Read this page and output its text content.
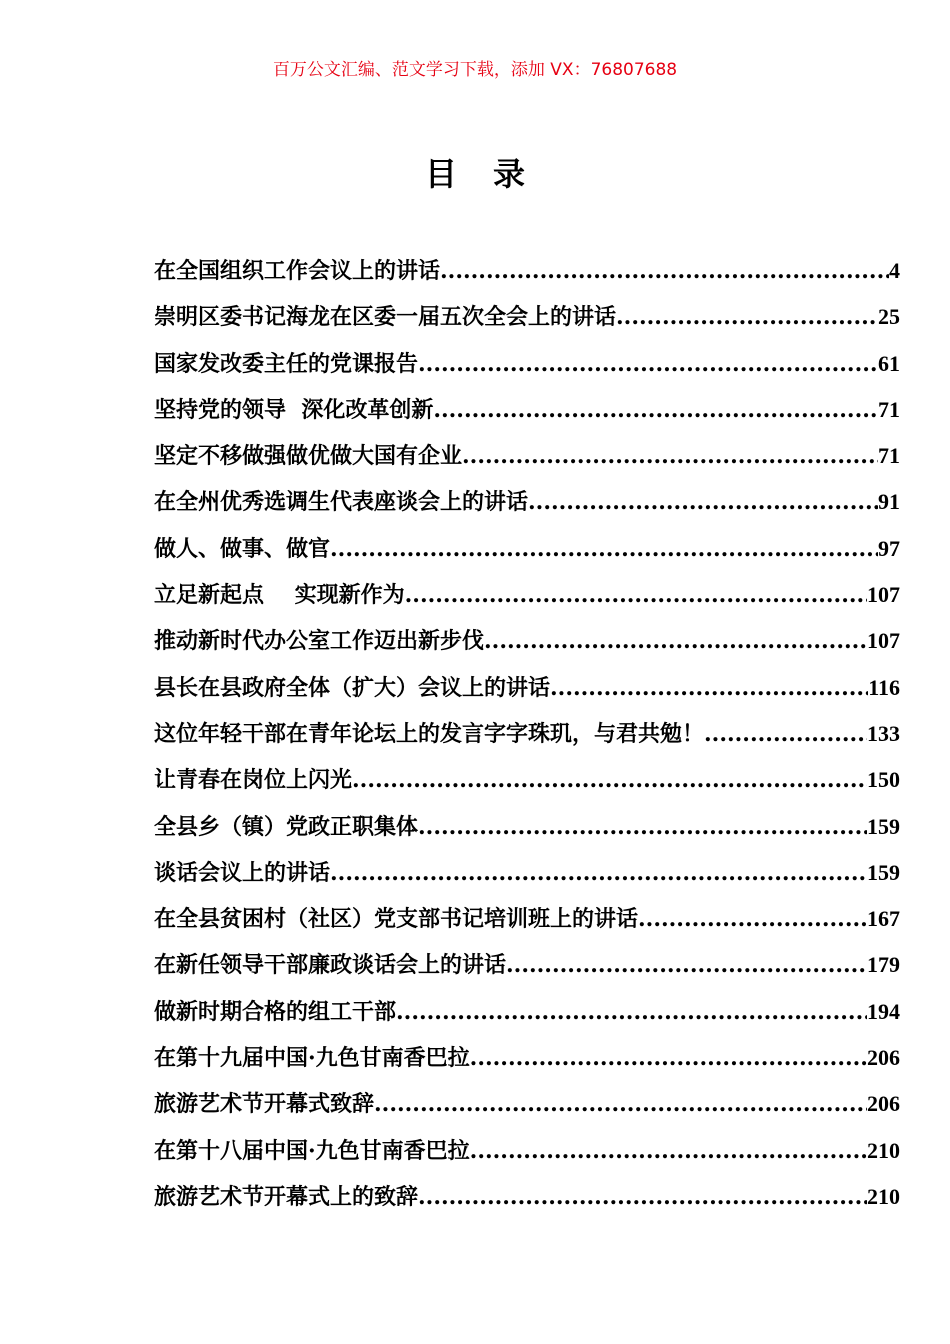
百万公文汇编、范文学习下载，添加 VX：76807688
目录
在全国组织工作会议上的讲话 .....	4
崇明区委书记海龙在区委一届五次全会上的讲话 .....	25
国家发改委主任的党课报告 .....	61
坚持党的领导  深化改革创新 .....	71
坚定不移做强做优做大国有企业 .....	71
在全州优秀选调生代表座谈会上的讲话 .....	91
做人、做事、做官 .....	97
立足新起点    实现新作为 .....	107
推动新时代办公室工作迈出新步伐 .....	107
县长在县政府全体（扩大）会议上的讲话 .....	116
这位年轻干部在青年论坛上的发言字字珠玑，与君共勉！ .....	133
让青春在岗位上闪光 .....	150
全县乡（镇）党政正职集体 .....	159
谈话会议上的讲话 .....	159
在全县贫困村（社区）党支部书记培训班上的讲话 .....	167
在新任领导干部廉政谈话会上的讲话 .....	179
做新时期合格的组工干部 .....	194
在第十九届中国·九色甘南香巴拉 .....	206
旅游艺术节开幕式致辞 .....	206
在第十八届中国·九色甘南香巴拉 .....	210
旅游艺术节开幕式上的致辞 .....	210
